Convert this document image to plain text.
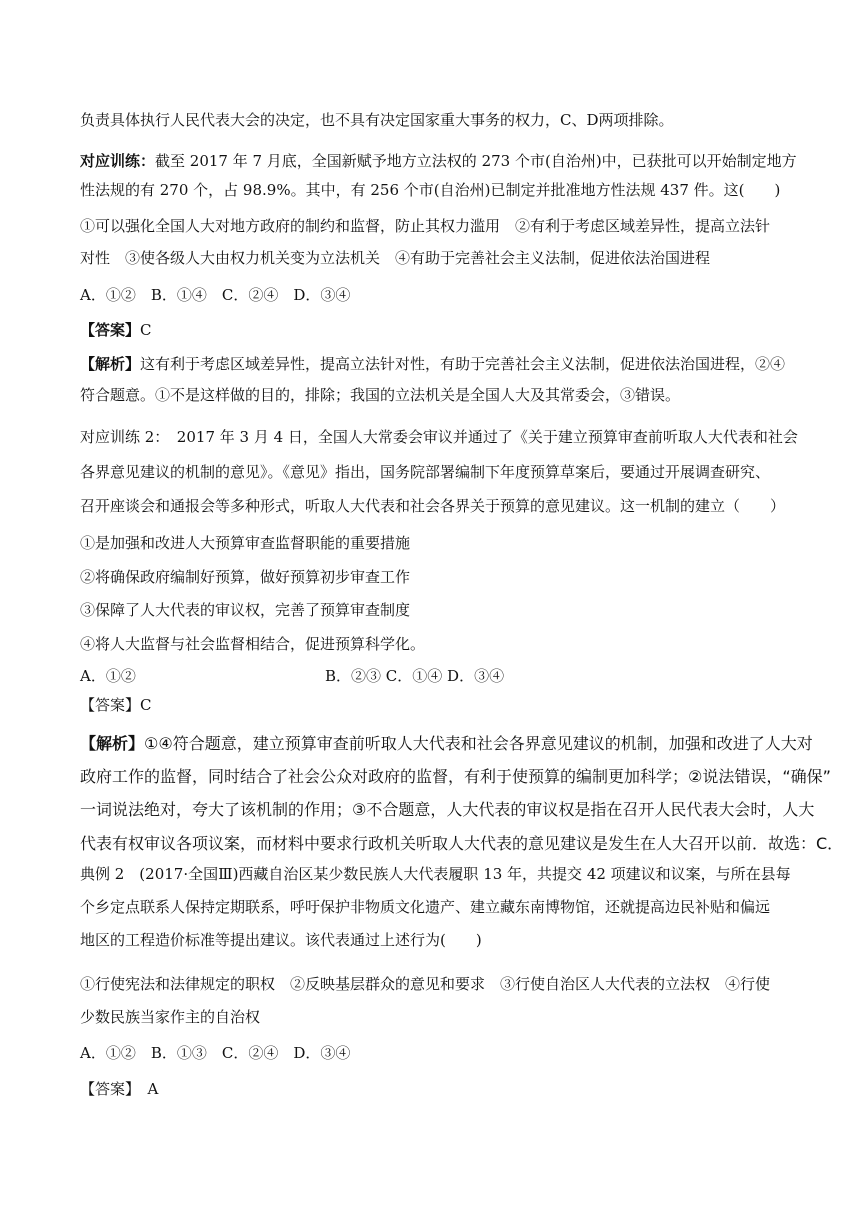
负责具体执行人民代表大会的决定，也不具有决定国家重大事务的权力，C、D两项排除。
对应训练：截至 2017 年 7 月底，全国新赋予地方立法权的 273 个市(自治州)中，已获批可以开始制定地方
性法规的有 270 个，占 98.9%。其中，有 256 个市(自治州)已制定并批准地方性法规 437 件。这(　　)
①可以强化全国人大对地方政府的制约和监督，防止其权力滥用　②有利于考虑区域差异性，提高立法针
对性　③使各级人大由权力机关变为立法机关　④有助于完善社会主义法制，促进依法治国进程
A．①②　B．①④　C．②④　D．③④
【答案】C
【解析】这有利于考虑区域差异性，提高立法针对性，有助于完善社会主义法制，促进依法治国进程，②④
符合题意。①不是这样做的目的，排除；我国的立法机关是全国人大及其常委会，③错误。
对应训练 2：　2017 年 3 月 4 日，全国人大常委会审议并通过了《关于建立预算审查前听取人大代表和社会
各界意见建议的机制的意见》。《意见》指出，国务院部署编制下年度预算草案后，要通过开展调查研究、
召开座谈会和通报会等多种形式，听取人大代表和社会各界关于预算的意见建议。这一机制的建立（　　）
①是加强和改进人大预算审查监督职能的重要措施
②将确保政府编制好预算，做好预算初步审查工作
③保障了人大代表的审议权，完善了预算审查制度
④将人大监督与社会监督相结合，促进预算科学化。
A．①②	B．②③ C．①④ D．③④
【答案】C
【解析】①④符合题意，建立预算审查前听取人大代表和社会各界意见建议的机制，加强和改进了人大对
政府工作的监督，同时结合了社会公众对政府的监督，有利于使预算的编制更加科学；②说法错误，“确保”
一词说法绝对，夸大了该机制的作用；③不合题意，人大代表的审议权是指在召开人民代表大会时，人大
代表有权审议各项议案，而材料中要求行政机关听取人大代表的意见建议是发生在人大召开以前．故选：C．
典例 2　(2017·全国Ⅲ)西藏自治区某少数民族人大代表履职 13 年，共提交 42 项建议和议案，与所在县每
个乡定点联系人保持定期联系，呼吁保护非物质文化遗产、建立藏东南博物馆，还就提高边民补贴和偏远
地区的工程造价标准等提出建议。该代表通过上述行为(　　)
①行使宪法和法律规定的职权　②反映基层群众的意见和要求　③行使自治区人大代表的立法权　④行使
少数民族当家作主的自治权
A．①②　B．①③　C．②④　D．③④
【答案】　A
